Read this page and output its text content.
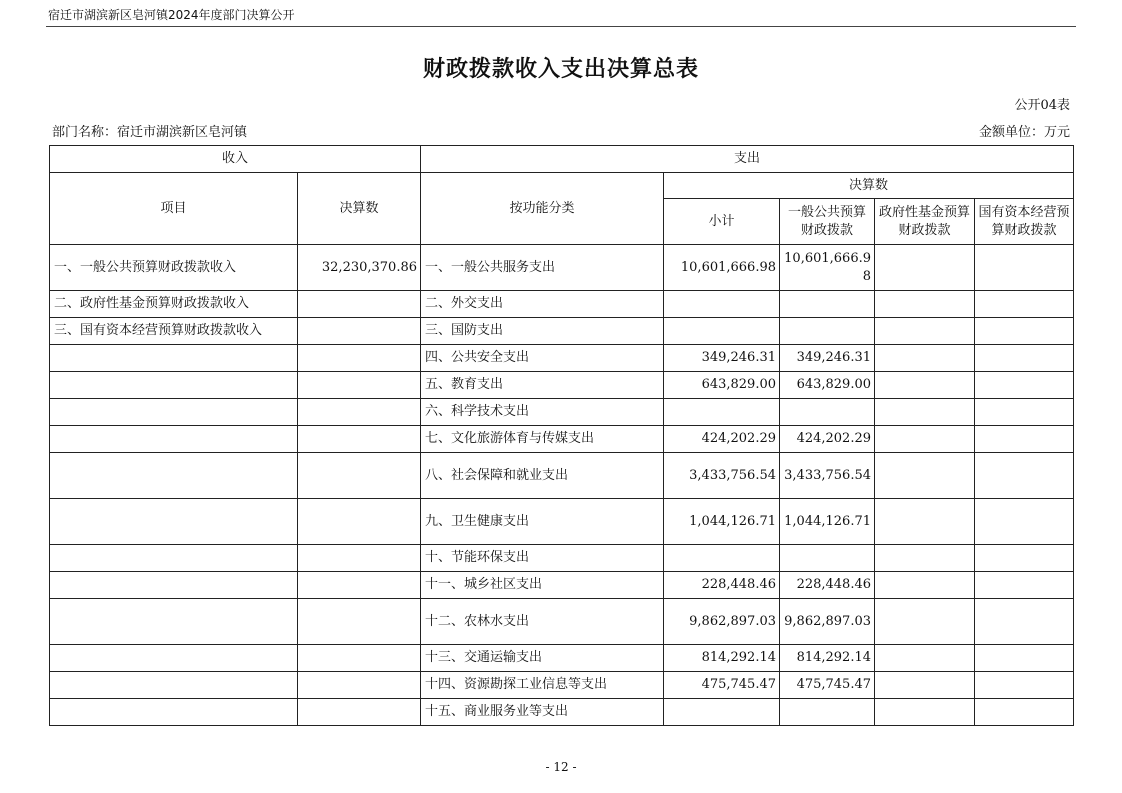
宿迁市湖滨新区皂河镇2024年度部门决算公开
财政拨款收入支出决算总表
公开04表
部门名称：宿迁市湖滨新区皂河镇	金额单位：万元
收入		支出				
项目	决算数	按功能分类	决算数			
			小计	一般公共预算财政拨款	政府性基金预算财政拨款	国有资本经营预算财政拨款
一、一般公共预算财政拨款收入	32,230,370.86	一、一般公共服务支出	10,601,666.98	10,601,666.98		
二、政府性基金预算财政拨款收入		二、外交支出				
三、国有资本经营预算财政拨款收入		三、国防支出				
		四、公共安全支出	349,246.31	349,246.31		
		五、教育支出	643,829.00	643,829.00		
		六、科学技术支出				
		七、文化旅游体育与传媒支出	424,202.29	424,202.29		
		八、社会保障和就业支出	3,433,756.54	3,433,756.54		
		九、卫生健康支出	1,044,126.71	1,044,126.71		
		十、节能环保支出				
		十一、城乡社区支出	228,448.46	228,448.46		
		十二、农林水支出	9,862,897.03	9,862,897.03		
		十三、交通运输支出	814,292.14	814,292.14		
		十四、资源勘探工业信息等支出	475,745.47	475,745.47		
		十五、商业服务业等支出				
- 12 -
